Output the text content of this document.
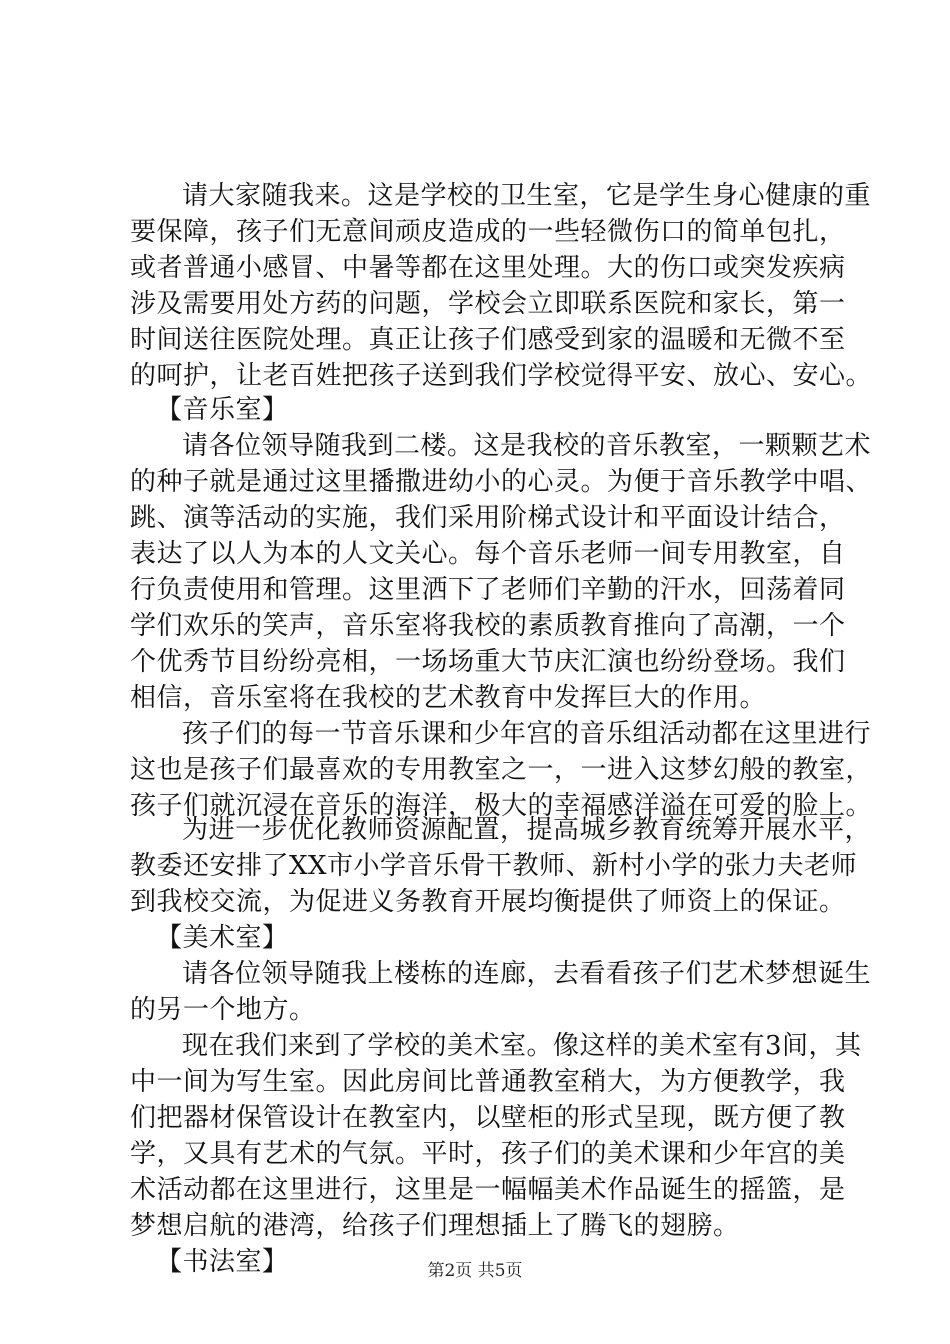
请大家随我来。这是学校的卫生室，它是学生身心健康的重
要保障，孩子们无意间顽皮造成的一些轻微伤口的简单包扎，
或者普通小感冒、中暑等都在这里处理。大的伤口或突发疾病
涉及需要用处方药的问题，学校会立即联系医院和家长，第一
时间送往医院处理。真正让孩子们感受到家的温暖和无微不至
的呵护，让老百姓把孩子送到我们学校觉得平安、放心、安心。
【音乐室】
请各位领导随我到二楼。这是我校的音乐教室，一颗颗艺术
的种子就是通过这里播撒进幼小的心灵。为便于音乐教学中唱、
跳、演等活动的实施，我们采用阶梯式设计和平面设计结合，
表达了以人为本的人文关心。每个音乐老师一间专用教室，自
行负责使用和管理。这里洒下了老师们辛勤的汗水，回荡着同
学们欢乐的笑声，音乐室将我校的素质教育推向了高潮，一个
个优秀节目纷纷亮相，一场场重大节庆汇演也纷纷登场。我们
相信，音乐室将在我校的艺术教育中发挥巨大的作用。
孩子们的每一节音乐课和少年宫的音乐组活动都在这里进行
这也是孩子们最喜欢的专用教室之一，一进入这梦幻般的教室，
孩子们就沉浸在音乐的海洋，极大的幸福感洋溢在可爱的脸上。
为进一步优化教师资源配置，提高城乡教育统筹开展水平，
教委还安排了XX市小学音乐骨干教师、新村小学的张力夫老师
到我校交流，为促进义务教育开展均衡提供了师资上的保证。
【美术室】
请各位领导随我上楼栋的连廊，去看看孩子们艺术梦想诞生
的另一个地方。
现在我们来到了学校的美术室。像这样的美术室有3间，其
中一间为写生室。因此房间比普通教室稍大，为方便教学，我
们把器材保管设计在教室内，以壁柜的形式呈现，既方便了教
学，又具有艺术的气氛。平时，孩子们的美术课和少年宫的美
术活动都在这里进行，这里是一幅幅美术作品诞生的摇篮，是
梦想启航的港湾，给孩子们理想插上了腾飞的翅膀。
【书法室】	第2页 共5页
